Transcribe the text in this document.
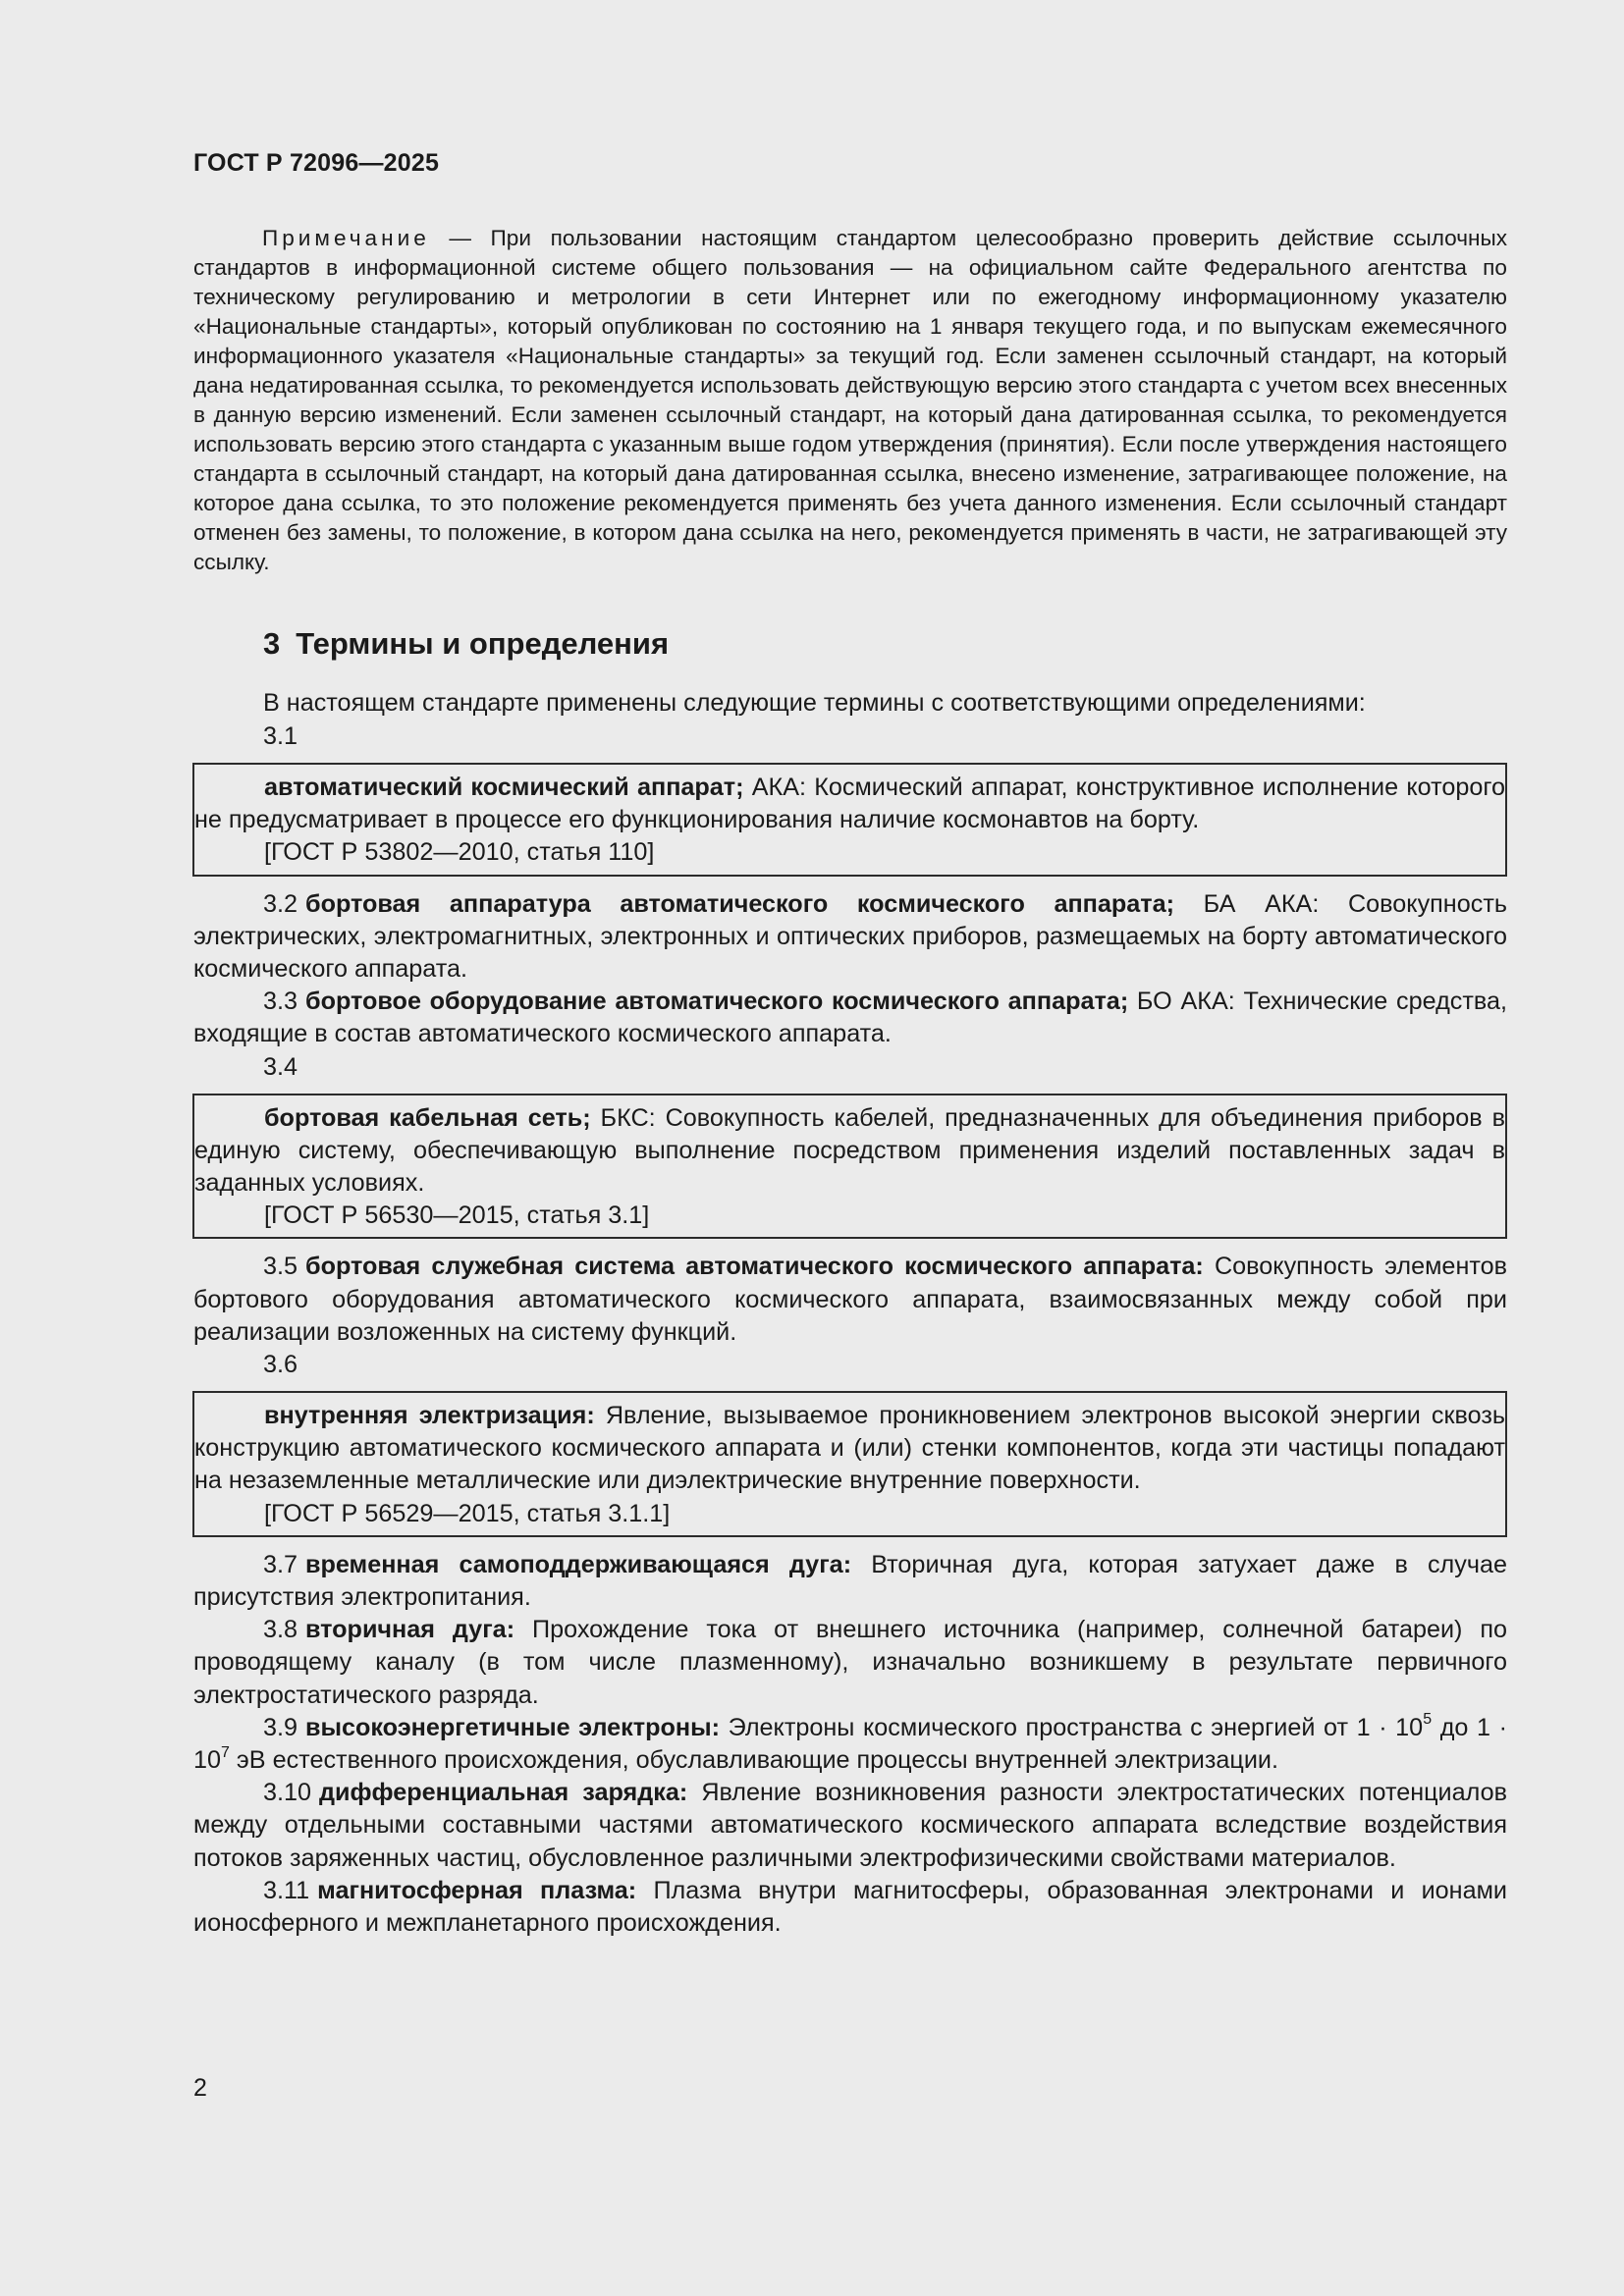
ГОСТ Р 72096—2025
Примечание — При пользовании настоящим стандартом целесообразно проверить действие ссылочных стандартов в информационной системе общего пользования — на официальном сайте Федерального агентства по техническому регулированию и метрологии в сети Интернет или по ежегодному информационному указателю «Национальные стандарты», который опубликован по состоянию на 1 января текущего года, и по выпускам ежемесячного информационного указателя «Национальные стандарты» за текущий год. Если заменен ссылочный стандарт, на который дана недатированная ссылка, то рекомендуется использовать действующую версию этого стандарта с учетом всех внесенных в данную версию изменений. Если заменен ссылочный стандарт, на который дана датированная ссылка, то рекомендуется использовать версию этого стандарта с указанным выше годом утверждения (принятия). Если после утверждения настоящего стандарта в ссылочный стандарт, на который дана датированная ссылка, внесено изменение, затрагивающее положение, на которое дана ссылка, то это положение рекомендуется применять без учета данного изменения. Если ссылочный стандарт отменен без замены, то положение, в котором дана ссылка на него, рекомендуется применять в части, не затрагивающей эту ссылку.
3 Термины и определения
В настоящем стандарте применены следующие термины с соответствующими определениями:
3.1
автоматический космический аппарат; АКА: Космический аппарат, конструктивное исполнение которого не предусматривает в процессе его функционирования наличие космонавтов на борту.
[ГОСТ Р 53802—2010, статья 110]
3.2 бортовая аппаратура автоматического космического аппарата; БА АКА: Совокупность электрических, электромагнитных, электронных и оптических приборов, размещаемых на борту автоматического космического аппарата.
3.3 бортовое оборудование автоматического космического аппарата; БО АКА: Технические средства, входящие в состав автоматического космического аппарата.
3.4
бортовая кабельная сеть; БКС: Совокупность кабелей, предназначенных для объединения приборов в единую систему, обеспечивающую выполнение посредством применения изделий поставленных задач в заданных условиях.
[ГОСТ Р 56530—2015, статья 3.1]
3.5 бортовая служебная система автоматического космического аппарата: Совокупность элементов бортового оборудования автоматического космического аппарата, взаимосвязанных между собой при реализации возложенных на систему функций.
3.6
внутренняя электризация: Явление, вызываемое проникновением электронов высокой энергии сквозь конструкцию автоматического космического аппарата и (или) стенки компонентов, когда эти частицы попадают на незаземленные металлические или диэлектрические внутренние поверхности.
[ГОСТ Р 56529—2015, статья 3.1.1]
3.7 временная самоподдерживающаяся дуга: Вторичная дуга, которая затухает даже в случае присутствия электропитания.
3.8 вторичная дуга: Прохождение тока от внешнего источника (например, солнечной батареи) по проводящему каналу (в том числе плазменному), изначально возникшему в результате первичного электростатического разряда.
3.9 высокоэнергетичные электроны: Электроны космического пространства с энергией от $1 \cdot 10^5$ до $1 \cdot 10^7$ эВ естественного происхождения, обуславливающие процессы внутренней электризации.
3.10 дифференциальная зарядка: Явление возникновения разности электростатических потенциалов между отдельными составными частями автоматического космического аппарата вследствие воздействия потоков заряженных частиц, обусловленное различными электрофизическими свойствами материалов.
3.11 магнитосферная плазма: Плазма внутри магнитосферы, образованная электронами и ионами ионосферного и межпланетарного происхождения.
2
